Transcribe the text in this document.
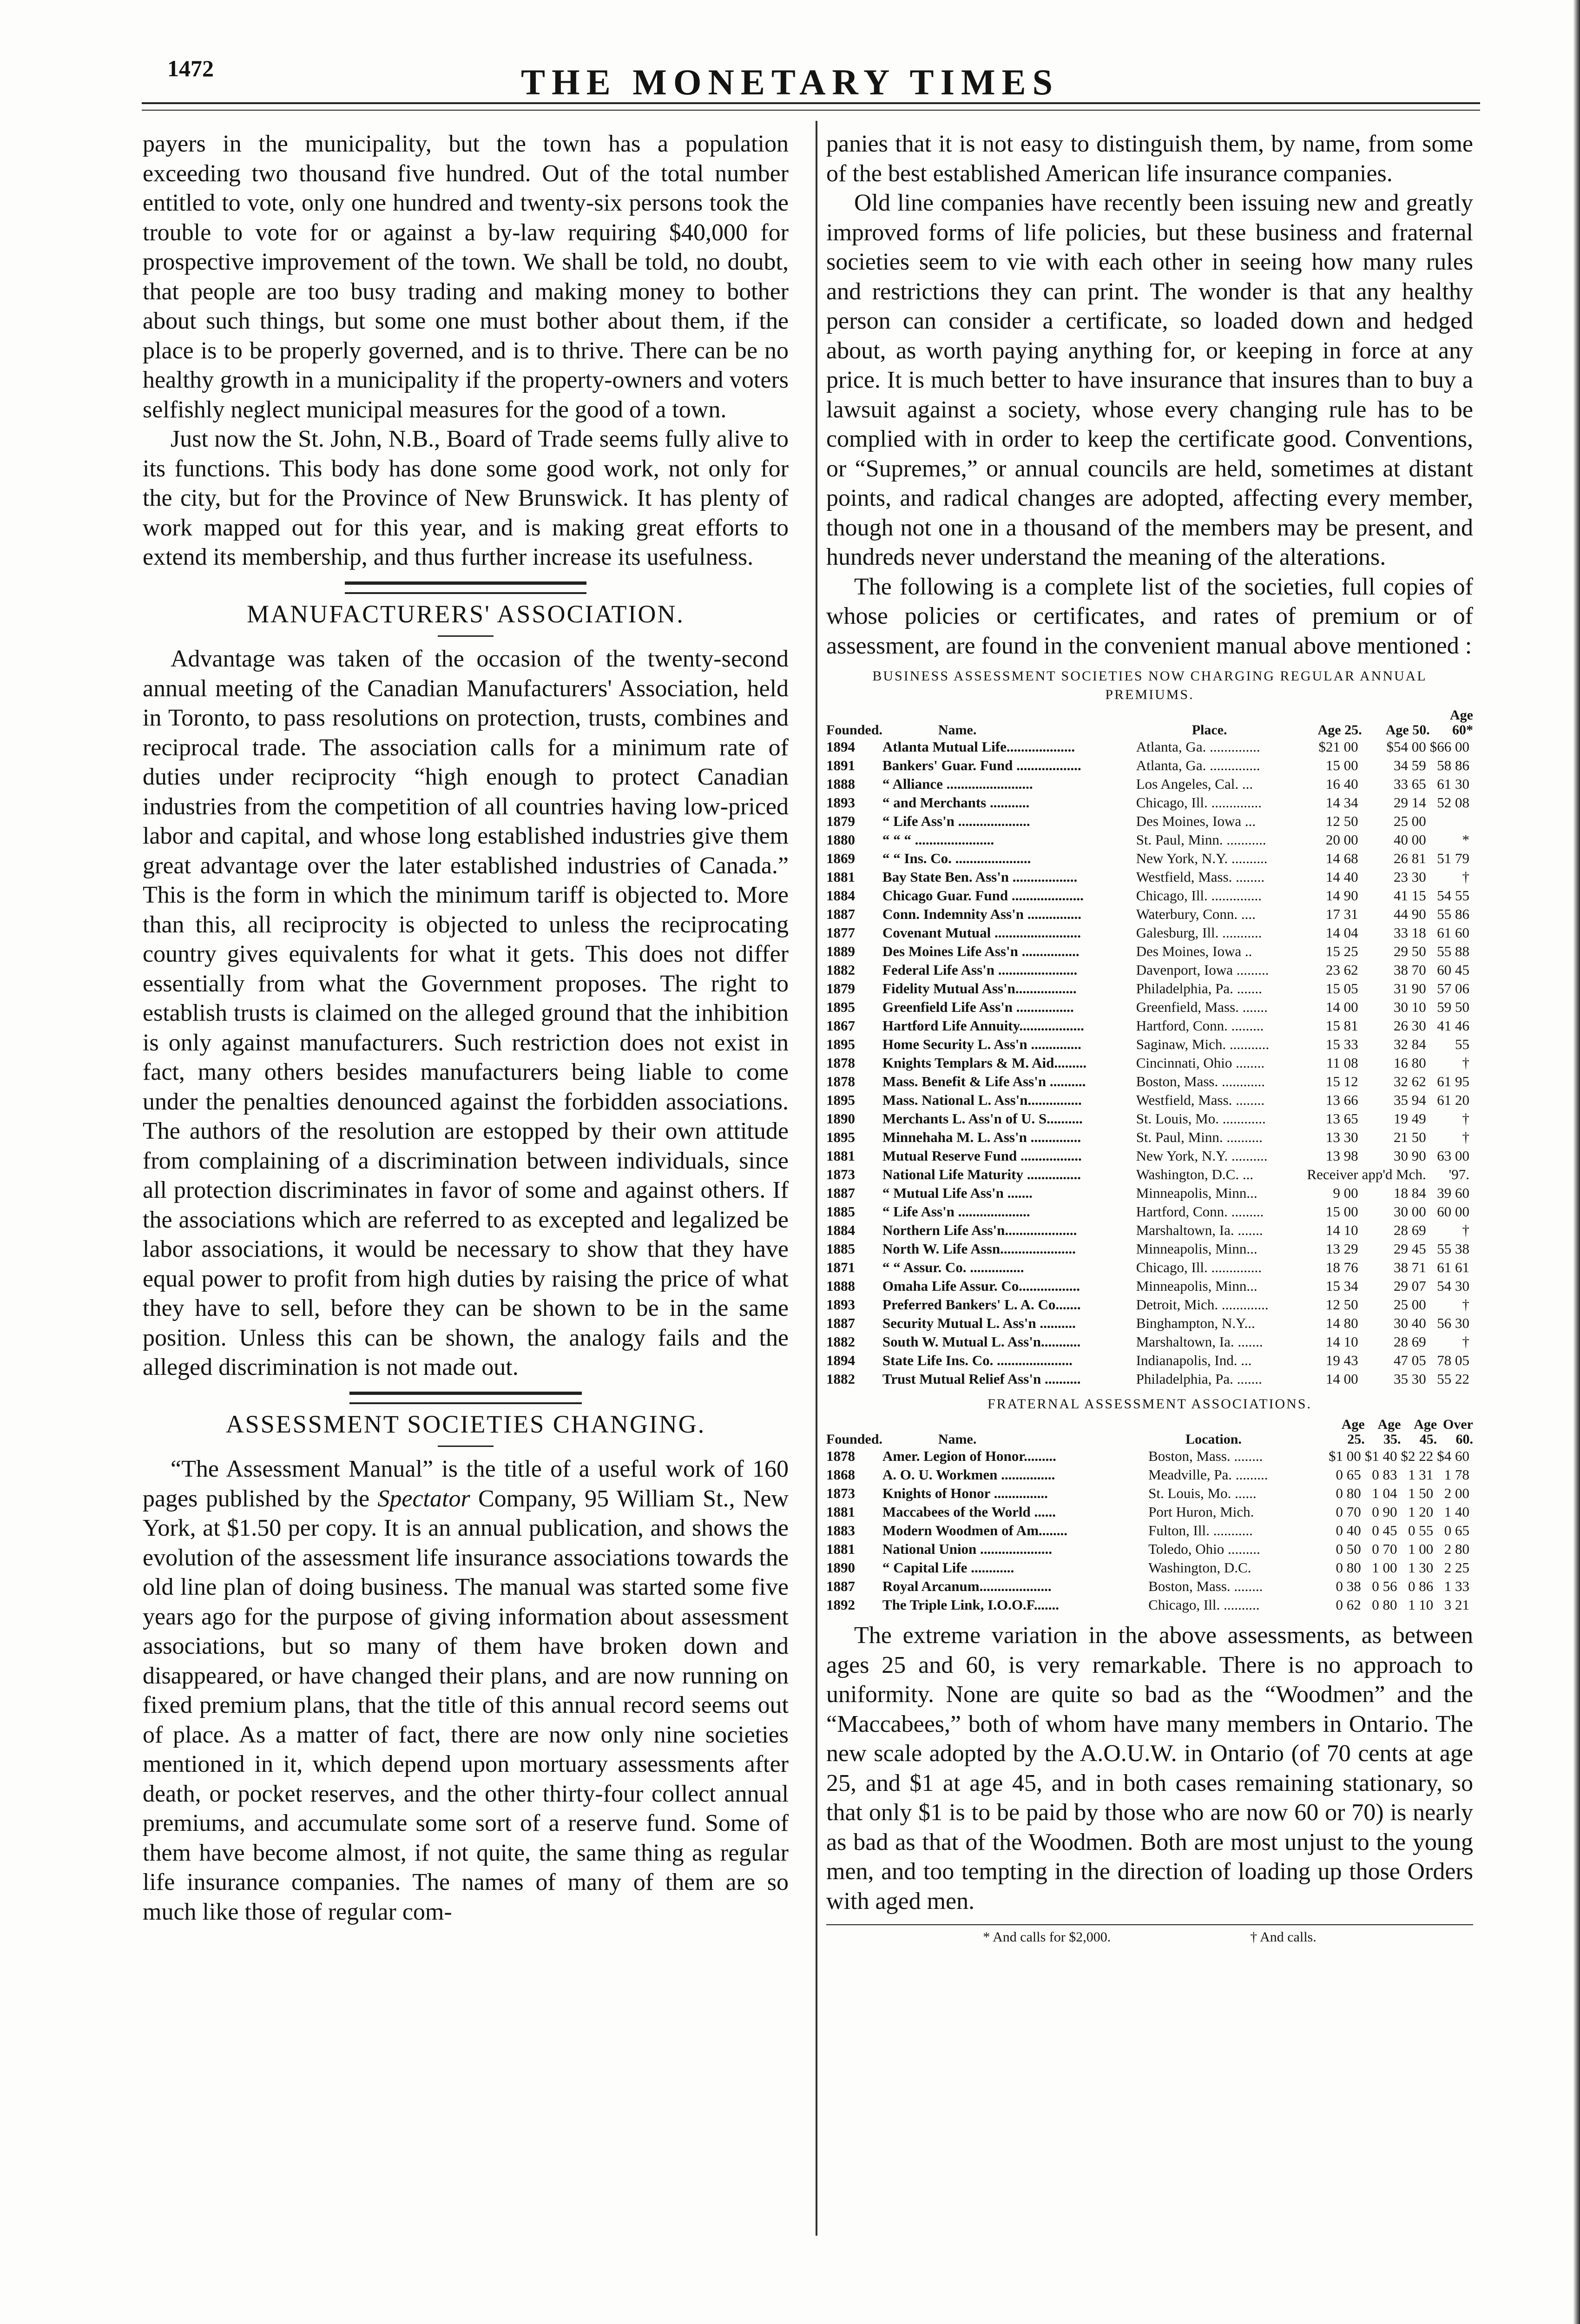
1472	THE MONETARY TIMES

payers in the municipality, but the town has a population exceeding two thousand five hundred. Out of the total number entitled to vote, only one hundred and twenty-six persons took the trouble to vote for or against a by-law requiring $40,000 for prospective improvement of the town. We shall be told, no doubt, that people are too busy trading and making money to bother about such things, but some one must bother about them, if the place is to be properly governed, and is to thrive. There can be no healthy growth in a municipality if the property-owners and voters selfishly neglect municipal measures for the good of a town.

Just now the St. John, N.B., Board of Trade seems fully alive to its functions. This body has done some good work, not only for the city, but for the Province of New Brunswick. It has plenty of work mapped out for this year, and is making great efforts to extend its membership, and thus further increase its usefulness.

MANUFACTURERS' ASSOCIATION.

Advantage was taken of the occasion of the twenty-second annual meeting of the Canadian Manufacturers' Association, held in Toronto, to pass resolutions on protection, trusts, combines and reciprocal trade. The association calls for a minimum rate of duties under reciprocity “high enough to protect Canadian industries from the competition of all countries having low-priced labor and capital, and whose long established industries give them great advantage over the later established industries of Canada.” This is the form in which the minimum tariff is objected to. More than this, all reciprocity is objected to unless the reciprocating country gives equivalents for what it gets. This does not differ essentially from what the Government proposes. The right to establish trusts is claimed on the alleged ground that the inhibition is only against manufacturers. Such restriction does not exist in fact, many others besides manufacturers being liable to come under the penalties denounced against the forbidden associations. The authors of the resolution are estopped by their own attitude from complaining of a discrimination between individuals, since all protection discriminates in favor of some and against others. If the associations which are referred to as excepted and legalized be labor associations, it would be necessary to show that they have equal power to profit from high duties by raising the price of what they have to sell, before they can be shown to be in the same position. Unless this can be shown, the analogy fails and the alleged discrimination is not made out.

ASSESSMENT SOCIETIES CHANGING.

“The Assessment Manual” is the title of a useful work of 160 pages published by the Spectator Company, 95 William St., New York, at $1.50 per copy. It is an annual publication, and shows the evolution of the assessment life insurance associations towards the old line plan of doing business. The manual was started some five years ago for the purpose of giving information about assessment associations, but so many of them have broken down and disappeared, or have changed their plans, and are now running on fixed premium plans, that the title of this annual record seems out of place. As a matter of fact, there are now only nine societies mentioned in it, which depend upon mortuary assessments after death, or pocket reserves, and the other thirty-four collect annual premiums, and accumulate some sort of a reserve fund. Some of them have become almost, if not quite, the same thing as regular life insurance companies. The names of many of them are so much like those of regular com-

panies that it is not easy to distinguish them, by name, from some of the best established American life insurance companies.

Old line companies have recently been issuing new and greatly improved forms of life policies, but these business and fraternal societies seem to vie with each other in seeing how many rules and restrictions they can print. The wonder is that any healthy person can consider a certificate, so loaded down and hedged about, as worth paying anything for, or keeping in force at any price. It is much better to have insurance that insures than to buy a lawsuit against a society, whose every changing rule has to be complied with in order to keep the certificate good. Conventions, or “Supremes,” or annual councils are held, sometimes at distant points, and radical changes are adopted, affecting every member, though not one in a thousand of the members may be present, and hundreds never understand the meaning of the alterations.

The following is a complete list of the societies, full copies of whose policies or certificates, and rates of premium or of assessment, are found in the convenient manual above mentioned :

BUSINESS ASSESSMENT SOCIETIES NOW CHARGING REGULAR ANNUAL PREMIUMS.
Founded.	Name.	Place.	Age 25.	Age 50.	Age 60*
1894	Atlanta Mutual Life...................	Atlanta, Ga. ..............	$21 00	$54 00	$66 00
1891	Bankers' Guar. Fund ..................	Atlanta, Ga. ..............	15 00	34 59	58 86
1888	“ Alliance ........................	Los Angeles, Cal. ...	16 40	33 65	61 30
1893	“ and Merchants ...........	Chicago, Ill. ..............	14 34	29 14	52 08
1879	“ Life Ass'n ....................	Des Moines, Iowa ...	12 50	25 00	
1880	“ “ “ ......................	St. Paul, Minn. ...........	20 00	40 00	*
1869	“ “ Ins. Co. .....................	New York, N.Y. ..........	14 68	26 81	51 79
1881	Bay State Ben. Ass'n ..................	Westfield, Mass. ........	14 40	23 30	†
1884	Chicago Guar. Fund ....................	Chicago, Ill. ..............	14 90	41 15	54 55
1887	Conn. Indemnity Ass'n ...............	Waterbury, Conn. ....	17 31	44 90	55 86
1877	Covenant Mutual ........................	Galesburg, Ill. ...........	14 04	33 18	61 60
1889	Des Moines Life Ass'n ................	Des Moines, Iowa ..	15 25	29 50	55 88
1882	Federal Life Ass'n ......................	Davenport, Iowa .........	23 62	38 70	60 45
1879	Fidelity Mutual Ass'n.................	Philadelphia, Pa. .......	15 05	31 90	57 06
1895	Greenfield Life Ass'n ................	Greenfield, Mass. .......	14 00	30 10	59 50
1867	Hartford Life Annuity..................	Hartford, Conn. .........	15 81	26 30	41 46
1895	Home Security L. Ass'n ..............	Saginaw, Mich. ...........	15 33	32 84	55
1878	Knights Templars & M. Aid.........	Cincinnati, Ohio ........	11 08	16 80	†
1878	Mass. Benefit & Life Ass'n ..........	Boston, Mass. ............	15 12	32 62	61 95
1895	Mass. National L. Ass'n...............	Westfield, Mass. ........	13 66	35 94	61 20
1890	Merchants L. Ass'n of U. S..........	St. Louis, Mo. ............	13 65	19 49	†
1895	Minnehaha M. L. Ass'n ..............	St. Paul, Minn. ..........	13 30	21 50	†
1881	Mutual Reserve Fund .................	New York, N.Y. ..........	13 98	30 90	63 00
1873	National Life Maturity ...............	Washington, D.C. ...	Receiver	app'd Mch.	'97.
1887	“ Mutual Life Ass'n .......	Minneapolis, Minn...	9 00	18 84	39 60
1885	“ Life Ass'n ....................	Hartford, Conn. .........	15 00	30 00	60 00
1884	Northern Life Ass'n....................	Marshaltown, Ia. .......	14 10	28 69	†
1885	North W. Life Assn.....................	Minneapolis, Minn...	13 29	29 45	55 38
1871	“ “ Assur. Co. ...............	Chicago, Ill. ..............	18 76	38 71	61 61
1888	Omaha Life Assur. Co.................	Minneapolis, Minn...	15 34	29 07	54 30
1893	Preferred Bankers' L. A. Co.......	Detroit, Mich. .............	12 50	25 00	†
1887	Security Mutual L. Ass'n ..........	Binghampton, N.Y...	14 80	30 40	56 30
1882	South W. Mutual L. Ass'n...........	Marshaltown, Ia. .......	14 10	28 69	†
1894	State Life Ins. Co. .....................	Indianapolis, Ind. ...	19 43	47 05	78 05
1882	Trust Mutual Relief Ass'n ..........	Philadelphia, Pa. .......	14 00	35 30	55 22
FRATERNAL ASSESSMENT ASSOCIATIONS.
Founded.	Name.	Location.	Age 25.	Age 35.	Age 45.	Over 60.
1878	Amer. Legion of Honor.........	Boston, Mass. ........	$1 00	$1 40	$2 22	$4 60
1868	A. O. U. Workmen ...............	Meadville, Pa. .........	0 65	0 83	1 31	1 78
1873	Knights of Honor ...............	St. Louis, Mo. ......	0 80	1 04	1 50	2 00
1881	Maccabees of the World ......	Port Huron, Mich.	0 70	0 90	1 20	1 40
1883	Modern Woodmen of Am........	Fulton, Ill. ...........	0 40	0 45	0 55	0 65
1881	National Union ....................	Toledo, Ohio .........	0 50	0 70	1 00	2 80
1890	“ Capital Life ............	Washington, D.C.	0 80	1 00	1 30	2 25
1887	Royal Arcanum....................	Boston, Mass. ........	0 38	0 56	0 86	1 33
1892	The Triple Link, I.O.O.F.......	Chicago, Ill. ..........	0 62	0 80	1 10	3 21

The extreme variation in the above assessments, as between ages 25 and 60, is very remarkable. There is no approach to uniformity. None are quite so bad as the “Woodmen” and the “Maccabees,” both of whom have many members in Ontario. The new scale adopted by the A.O.U.W. in Ontario (of 70 cents at age 25, and $1 at age 45, and in both cases remaining stationary, so that only $1 is to be paid by those who are now 60 or 70) is nearly as bad as that of the Woodmen. Both are most unjust to the young men, and too tempting in the direction of loading up those Orders with aged men.

* And calls for $2,000.	† And calls.
